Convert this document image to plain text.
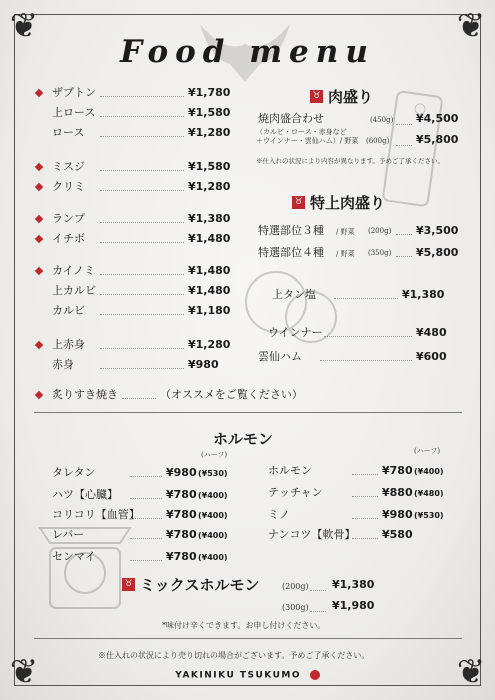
❦	❦
❦	❦
Food menu
ザブトン	¥1,780
上ロース	¥1,580
ロース	¥1,280
ミスジ	¥1,580
クリミ	¥1,280
ランプ	¥1,380
イチボ	¥1,480
カイノミ	¥1,480
上カルビ	¥1,480
カルビ	¥1,180
上赤身	¥1,280
赤身	¥980
炙りすき焼き	（オススメをご覧ください）
♉ 肉盛り
焼肉盛合わせ	(450g) ¥4,500
（カルビ・ロース・赤身など
＋ウインナー・雲仙ハム）/ 野菜 (600g) ¥5,800
※仕入れの状況により内容が異なります。予めご了承ください。
♉ 特上肉盛り
特選部位３種 / 野菜 (200g) ¥3,500
特選部位４種 / 野菜 (350g) ¥5,800
上タン塩	¥1,380
ウインナー	¥480
雲仙ハム	¥600
ホルモン
(ハーフ)	(ハーフ)
タレタン	¥980 (¥530)
ハツ【心臓】	¥780 (¥400)
コリコリ【血管】 ¥780 (¥400)
レバー	¥780 (¥400)
センマイ	¥780 (¥400)
ホルモン	¥780 (¥400)
テッチャン	¥880 (¥480)
ミノ	¥980 (¥530)
ナンコツ【軟骨】 ¥580
♉ ミックスホルモン	(200g) ¥1,380
(300g) ¥1,980
*味付け辛くできます。お申し付けください。
※仕入れの状況により売り切れの場合がございます。予めご了承ください。
YAKINIKU TSUKUMO
